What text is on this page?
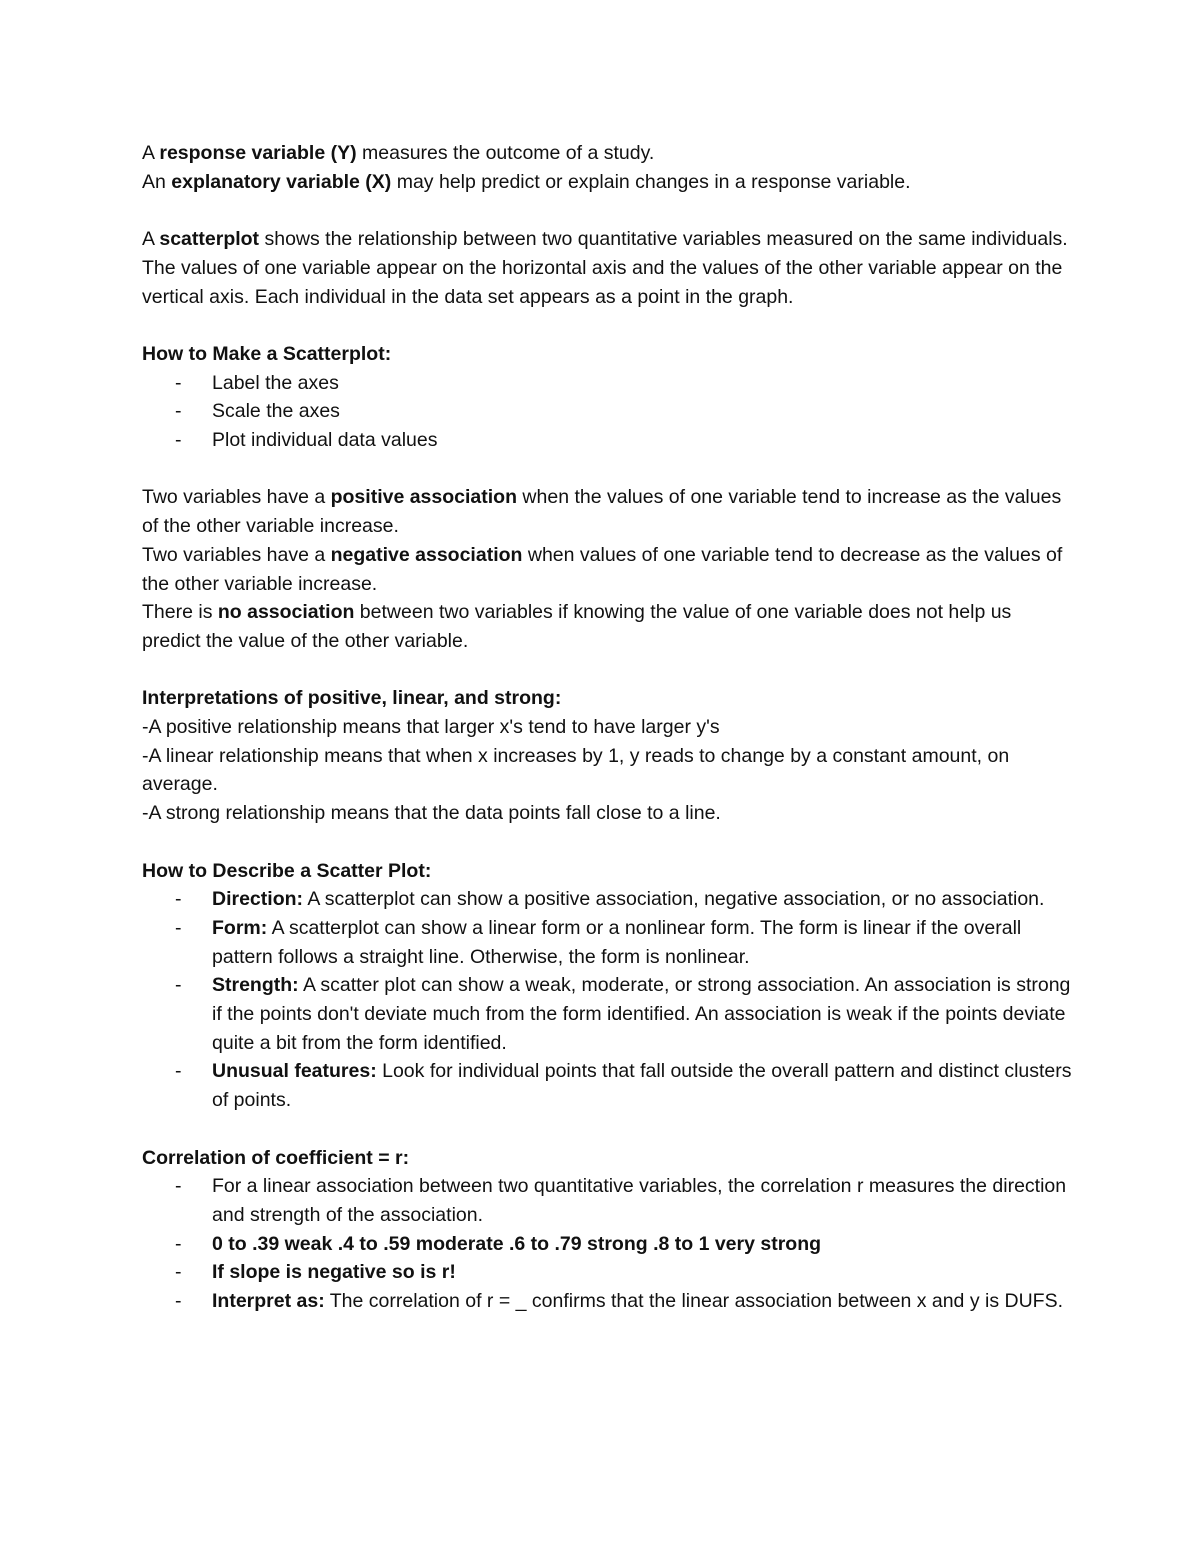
A response variable (Y) measures the outcome of a study.

An explanatory variable (X) may help predict or explain changes in a response variable.

A scatterplot shows the relationship between two quantitative variables measured on the same individuals. The values of one variable appear on the horizontal axis and the values of the other variable appear on the vertical axis. Each individual in the data set appears as a point in the graph.

How to Make a Scatterplot:

- Label the axes
- Scale the axes
- Plot individual data values

Two variables have a positive association when the values of one variable tend to increase as the values of the other variable increase.

Two variables have a negative association when values of one variable tend to decrease as the values of the other variable increase.

There is no association between two variables if knowing the value of one variable does not help us predict the value of the other variable.

Interpretations of positive, linear, and strong:

-A positive relationship means that larger x's tend to have larger y's

-A linear relationship means that when x increases by 1, y reads to change by a constant amount, on average.

-A strong relationship means that the data points fall close to a line.

How to Describe a Scatter Plot:

- Direction: A scatterplot can show a positive association, negative association, or no association.
- Form: A scatterplot can show a linear form or a nonlinear form. The form is linear if the overall pattern follows a straight line. Otherwise, the form is nonlinear.
- Strength: A scatter plot can show a weak, moderate, or strong association. An association is strong if the points don't deviate much from the form identified. An association is weak if the points deviate quite a bit from the form identified.
- Unusual features: Look for individual points that fall outside the overall pattern and distinct clusters of points.

Correlation of coefficient = r:

- For a linear association between two quantitative variables, the correlation r measures the direction and strength of the association.
- 0 to .39 weak .4 to .59 moderate .6 to .79 strong .8 to 1 very strong
- If slope is negative so is r!
- Interpret as: The correlation of r = _ confirms that the linear association between x and y is DUFS.
